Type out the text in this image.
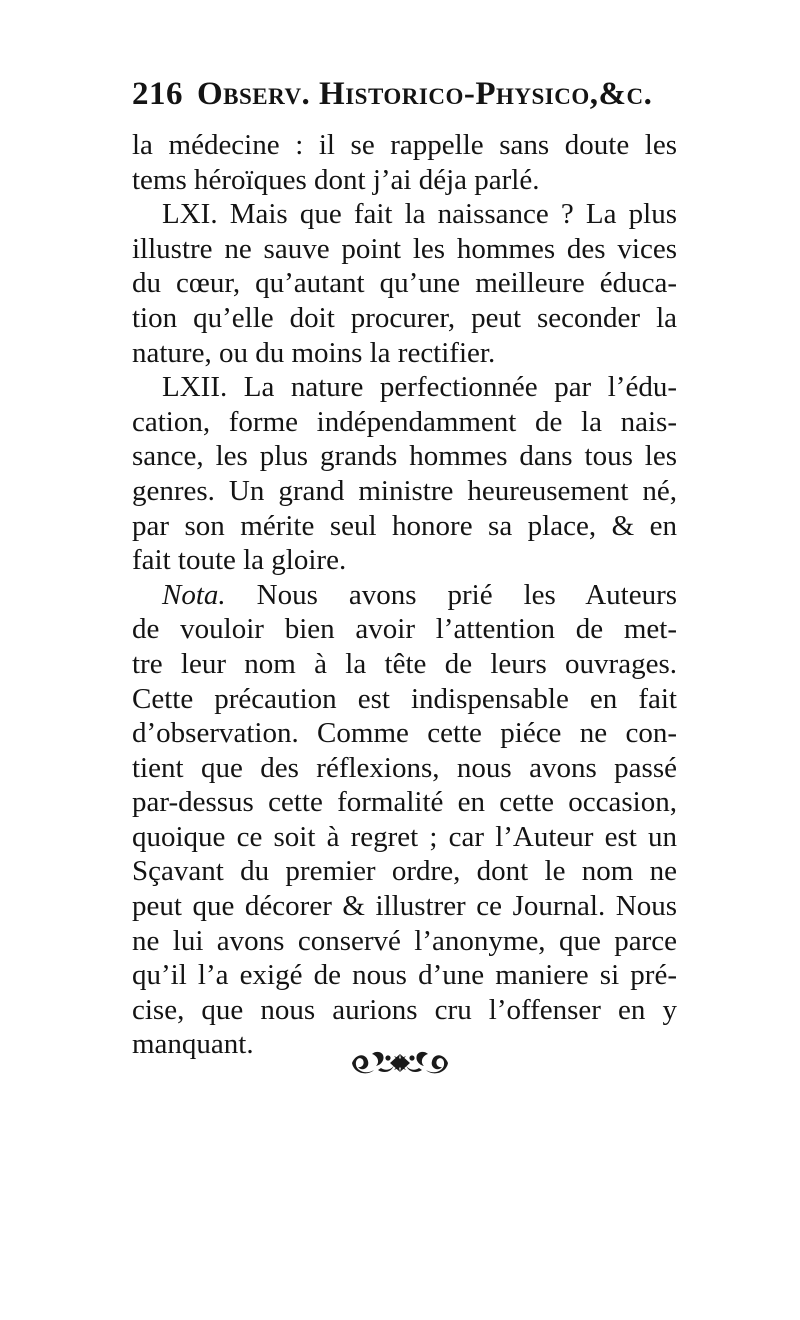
216 Observ. Historico-Physico,&c.
la médecine : il se rappelle sans doute les
tems héroïques dont j’ai déja parlé.
LXI. Mais que fait la naissance ? La plus
illustre ne sauve point les hommes des vices
du cœur, qu’autant qu’une meilleure éduca-
tion qu’elle doit procurer, peut seconder la
nature, ou du moins la rectifier.
LXII. La nature perfectionnée par l’édu-
cation, forme indépendamment de la nais-
sance, les plus grands hommes dans tous les
genres. Un grand ministre heureusement né,
par son mérite seul honore sa place, & en
fait toute la gloire.
Nota. Nous avons prié les Auteurs
de vouloir bien avoir l’attention de met-
tre leur nom à la tête de leurs ouvrages.
Cette précaution est indispensable en fait
d’observation. Comme cette piéce ne con-
tient que des réflexions, nous avons passé
par-dessus cette formalité en cette occasion,
quoique ce soit à regret ; car l’Auteur est un
Sçavant du premier ordre, dont le nom ne
peut que décorer & illustrer ce Journal. Nous
ne lui avons conservé l’anonyme, que parce
qu’il l’a exigé de nous d’une maniere si pré-
cise, que nous aurions cru l’offenser en y
manquant.
